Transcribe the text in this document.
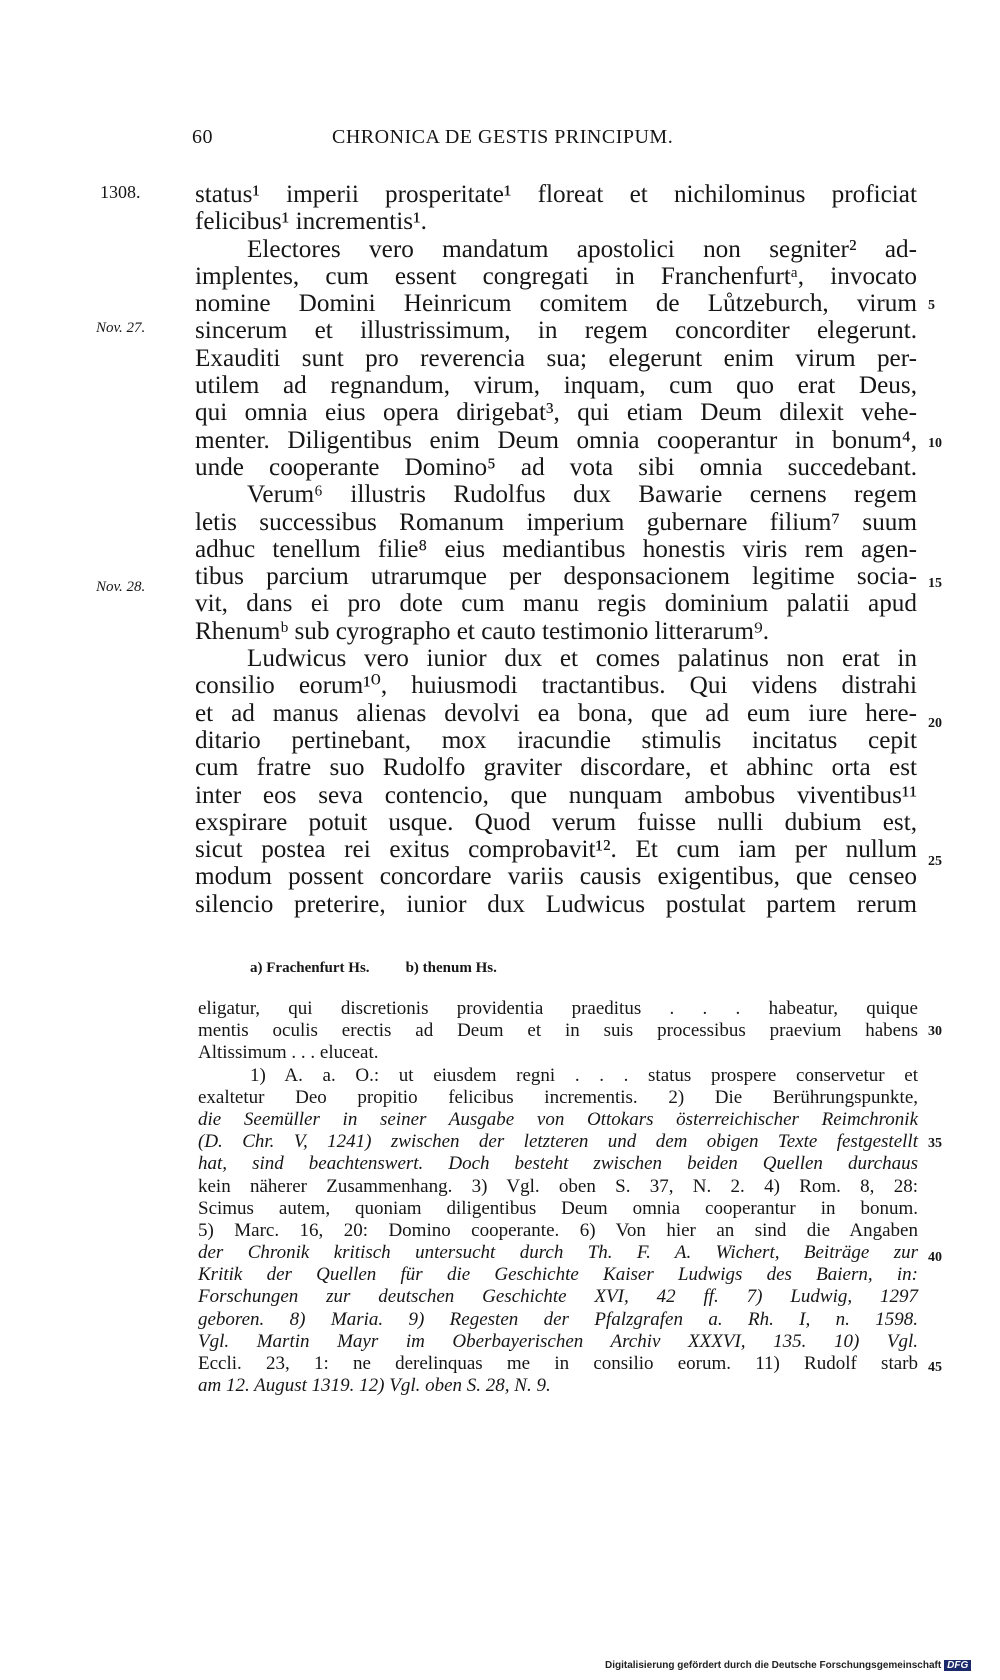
60	CHRONICA DE GESTIS PRINCIPUM.
1308.
Nov. 27.
Nov. 28.
5
10
15
20
25
30
35
40
45
status¹ imperii prosperitate¹ floreat et nichilominus proficiat
felicibus¹ incrementis¹.
Electores vero mandatum apostolici non segniter² ad-
implentes, cum essent congregati in Franchenfurtᵃ, invocato
nomine Domini Heinricum comitem de Lůtzeburch, virum
sincerum et illustrissimum, in regem concorditer elegerunt.
Exauditi sunt pro reverencia sua; elegerunt enim virum per-
utilem ad regnandum, virum, inquam, cum quo erat Deus,
qui omnia eius opera dirigebat³, qui etiam Deum dilexit vehe-
menter. Diligentibus enim Deum omnia cooperantur in bonum⁴,
unde cooperante Domino⁵ ad vota sibi omnia succedebant.
Verum⁶ illustris Rudolfus dux Bawarie cernens regem
letis successibus Romanum imperium gubernare filium⁷ suum
adhuc tenellum filie⁸ eius mediantibus honestis viris rem agen-
tibus parcium utrarumque per desponsacionem legitime socia-
vit, dans ei pro dote cum manu regis dominium palatii apud
Rhenumᵇ sub cyrographo et cauto testimonio litterarum⁹.
Ludwicus vero iunior dux et comes palatinus non erat in
consilio eorum¹⁰, huiusmodi tractantibus. Qui videns distrahi
et ad manus alienas devolvi ea bona, que ad eum iure here-
ditario pertinebant, mox iracundie stimulis incitatus cepit
cum fratre suo Rudolfo graviter discordare, et abhinc orta est
inter eos seva contencio, que nunquam ambobus viventibus¹¹
exspirare potuit usque. Quod verum fuisse nulli dubium est,
sicut postea rei exitus comprobavit¹². Et cum iam per nullum
modum possent concordare variis causis exigentibus, que censeo
silencio preterire, iunior dux Ludwicus postulat partem rerum
a) Frachenfurt Hs. b) thenum Hs.
eligatur, qui discretionis providentia praeditus . . . habeatur, quique
mentis oculis erectis ad Deum et in suis processibus praevium habens
Altissimum . . . eluceat.
1) A. a. O.: ut eiusdem regni . . . status prospere conservetur et
exaltetur Deo propitio felicibus incrementis. 2) Die Berührungspunkte,
die Seemüller in seiner Ausgabe von Ottokars österreichischer Reimchronik
(D. Chr. V, 1241) zwischen der letzteren und dem obigen Texte festgestellt
hat, sind beachtenswert. Doch besteht zwischen beiden Quellen durchaus
kein näherer Zusammenhang. 3) Vgl. oben S. 37, N. 2. 4) Rom. 8, 28:
Scimus autem, quoniam diligentibus Deum omnia cooperantur in bonum.
5) Marc. 16, 20: Domino cooperante. 6) Von hier an sind die Angaben
der Chronik kritisch untersucht durch Th. F. A. Wichert, Beiträge zur
Kritik der Quellen für die Geschichte Kaiser Ludwigs des Baiern, in:
Forschungen zur deutschen Geschichte XVI, 42 ff. 7) Ludwig, 1297
geboren. 8) Maria. 9) Regesten der Pfalzgrafen a. Rh. I, n. 1598.
Vgl. Martin Mayr im Oberbayerischen Archiv XXXVI, 135. 10) Vgl.
Eccli. 23, 1: ne derelinquas me in consilio eorum. 11) Rudolf starb
am 12. August 1319. 12) Vgl. oben S. 28, N. 9.
Digitalisierung gefördert durch die Deutsche Forschungsgemeinschaft DFG
